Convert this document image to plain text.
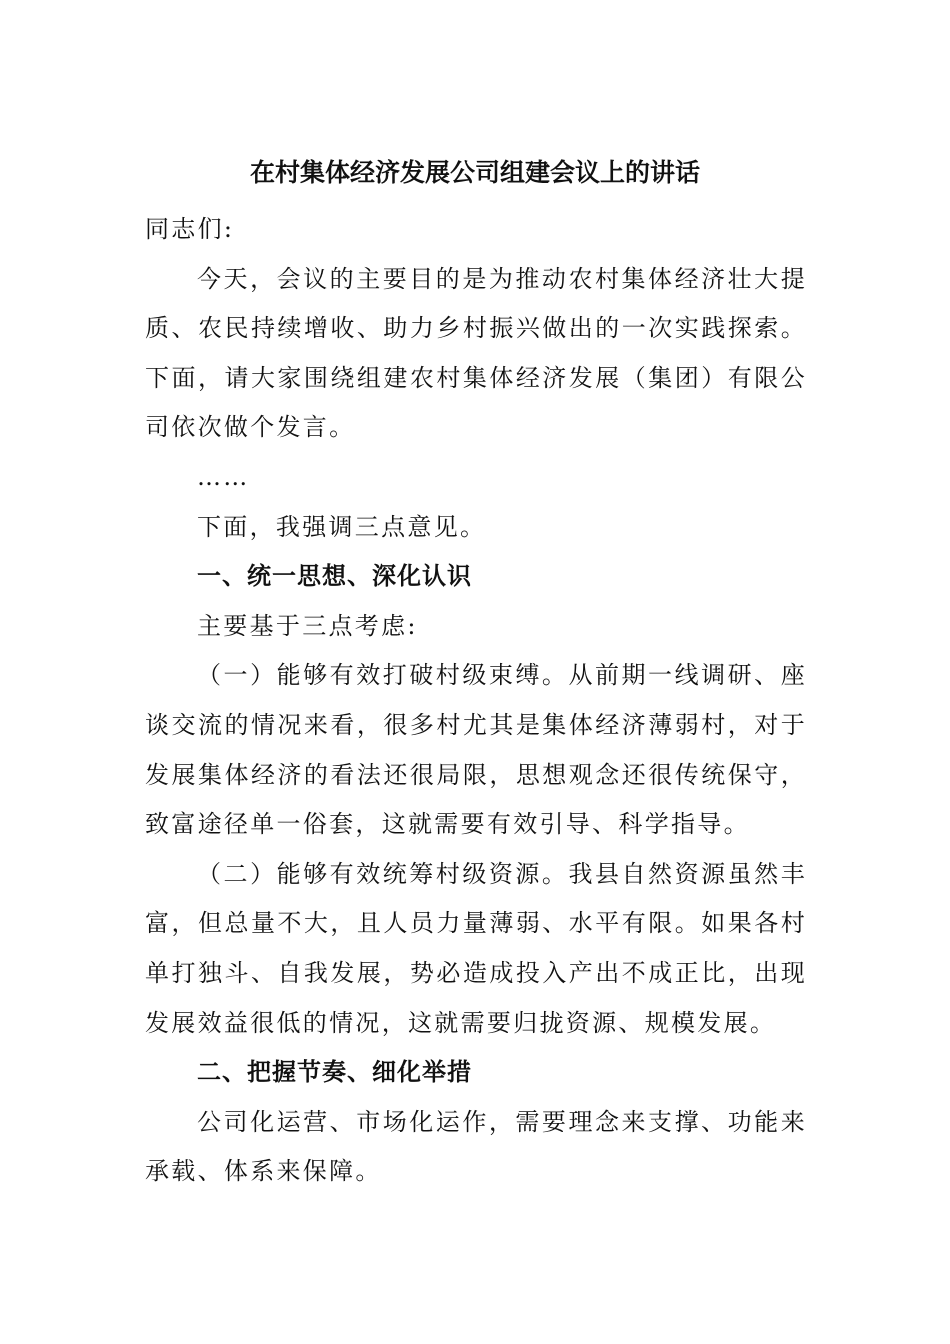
在村集体经济发展公司组建会议上的讲话

同志们:

今天，会议的主要目的是为推动农村集体经济壮大提质、农民持续增收、助力乡村振兴做出的一次实践探索。下面，请大家围绕组建农村集体经济发展（集团）有限公司依次做个发言。

……

下面，我强调三点意见。

一、统一思想、深化认识

主要基于三点考虑:

（一）能够有效打破村级束缚。从前期一线调研、座谈交流的情况来看，很多村尤其是集体经济薄弱村，对于发展集体经济的看法还很局限，思想观念还很传统保守，致富途径单一俗套，这就需要有效引导、科学指导。

（二）能够有效统筹村级资源。我县自然资源虽然丰富，但总量不大，且人员力量薄弱、水平有限。如果各村单打独斗、自我发展，势必造成投入产出不成正比，出现发展效益很低的情况，这就需要归拢资源、规模发展。

二、把握节奏、细化举措

公司化运营、市场化运作，需要理念来支撑、功能来承载、体系来保障。
